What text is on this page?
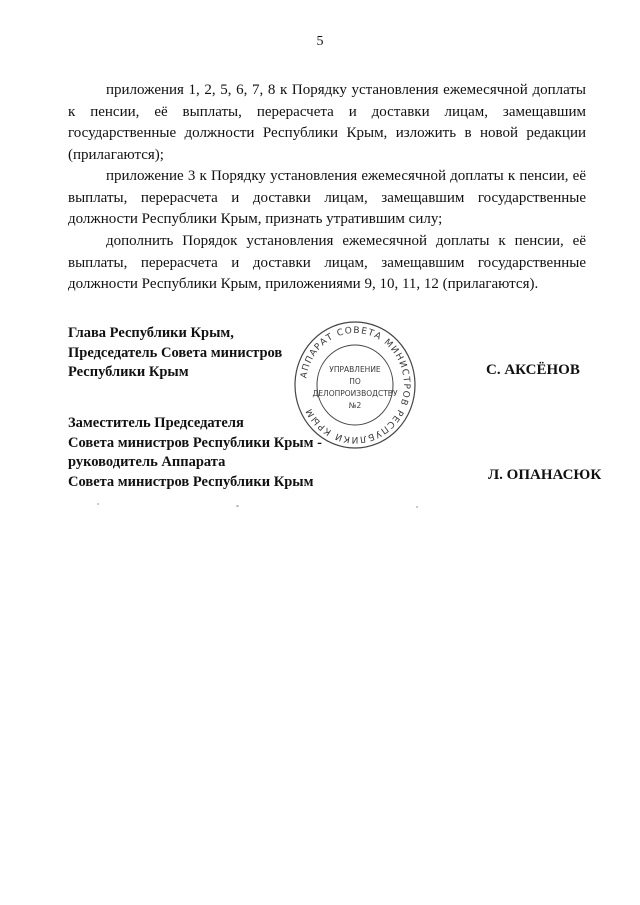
5

приложения 1, 2, 5, 6, 7, 8 к Порядку установления ежемесячной доплаты к пенсии, её выплаты, перерасчета и доставки лицам, замещавшим государственные должности Республики Крым, изложить в новой редакции (прилагаются);

приложение 3 к Порядку установления ежемесячной доплаты к пенсии, её выплаты, перерасчета и доставки лицам, замещавшим государственные должности Республики Крым, признать утратившим силу;

дополнить Порядок установления ежемесячной доплаты к пенсии, её выплаты, перерасчета и доставки лицам, замещавшим государственные должности Республики Крым, приложениями 9, 10, 11, 12 (прилагаются).

Глава Республики Крым,
Председатель Совета министров
Республики Крым	С. АКСЁНОВ
Заместитель Председателя
Совета министров Республики Крым -
руководитель Аппарата
Совета министров Республики Крым	Л. ОПАНАСЮК
АППАРАТ СОВЕТА МИНИСТРОВ РЕСПУБЛИКИ КРЫМ
УПРАВЛЕНИЕ
ПО
ДЕЛОПРОИЗВОДСТВУ
№2
